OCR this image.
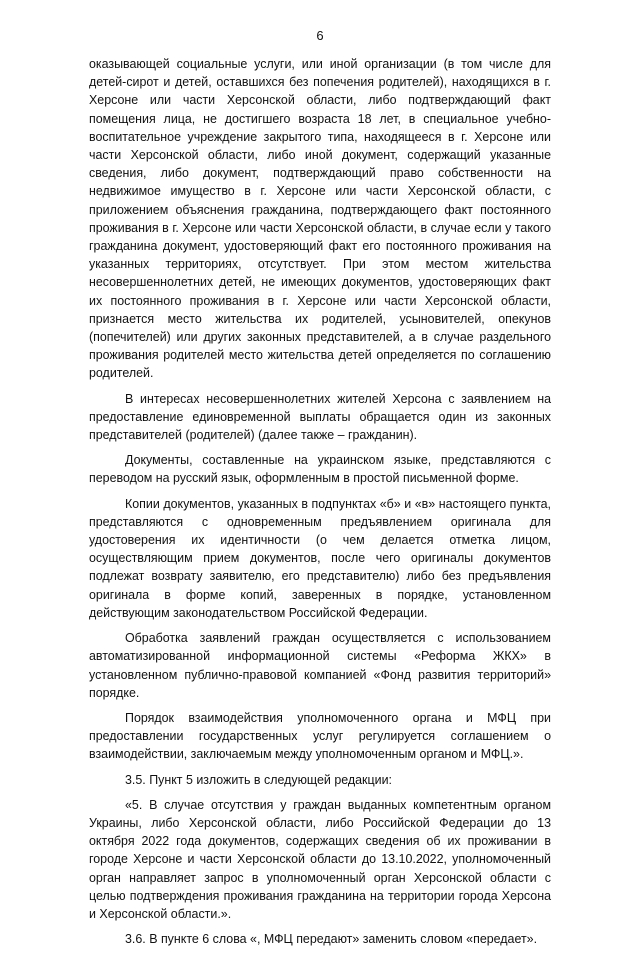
6

оказывающей социальные услуги, или иной организации (в том числе для детей-сирот и детей, оставшихся без попечения родителей), находящихся в г. Херсоне или части Херсонской области, либо подтверждающий факт помещения лица, не достигшего возраста 18 лет, в специальное учебно-воспитательное учреждение закрытого типа, находящееся в г. Херсоне или части Херсонской области, либо иной документ, содержащий указанные сведения, либо документ, подтверждающий право собственности на недвижимое имущество в г. Херсоне или части Херсонской области, с приложением объяснения гражданина, подтверждающего факт постоянного проживания в г. Херсоне или части Херсонской области, в случае если у такого гражданина документ, удостоверяющий факт его постоянного проживания на указанных территориях, отсутствует. При этом местом жительства несовершеннолетних детей, не имеющих документов, удостоверяющих факт их постоянного проживания в г. Херсоне или части Херсонской области, признается место жительства их родителей, усыновителей, опекунов (попечителей) или других законных представителей, а в случае раздельного проживания родителей место жительства детей определяется по соглашению родителей.

В интересах несовершеннолетних жителей Херсона с заявлением на предоставление единовременной выплаты обращается один из законных представителей (родителей) (далее также – гражданин).

Документы, составленные на украинском языке, представляются с переводом на русский язык, оформленным в простой письменной форме.

Копии документов, указанных в подпунктах «б» и «в» настоящего пункта, представляются с одновременным предъявлением оригинала для удостоверения их идентичности (о чем делается отметка лицом, осуществляющим прием документов, после чего оригиналы документов подлежат возврату заявителю, его представителю) либо без предъявления оригинала в форме копий, заверенных в порядке, установленном действующим законодательством Российской Федерации.

Обработка заявлений граждан осуществляется с использованием автоматизированной информационной системы «Реформа ЖКХ» в установленном публично-правовой компанией «Фонд развития территорий» порядке.

Порядок взаимодействия уполномоченного органа и МФЦ при предоставлении государственных услуг регулируется соглашением о взаимодействии, заключаемым между уполномоченным органом и МФЦ.».

3.5. Пункт 5 изложить в следующей редакции:

«5. В случае отсутствия у граждан выданных компетентным органом Украины, либо Херсонской области, либо Российской Федерации до 13 октября 2022 года документов, содержащих сведения об их проживании в городе Херсоне и части Херсонской области до 13.10.2022, уполномоченный орган направляет запрос в уполномоченный орган Херсонской области с целью подтверждения проживания гражданина на территории города Херсона и Херсонской области.».

3.6. В пункте 6 слова «, МФЦ передают» заменить словом «передает».
